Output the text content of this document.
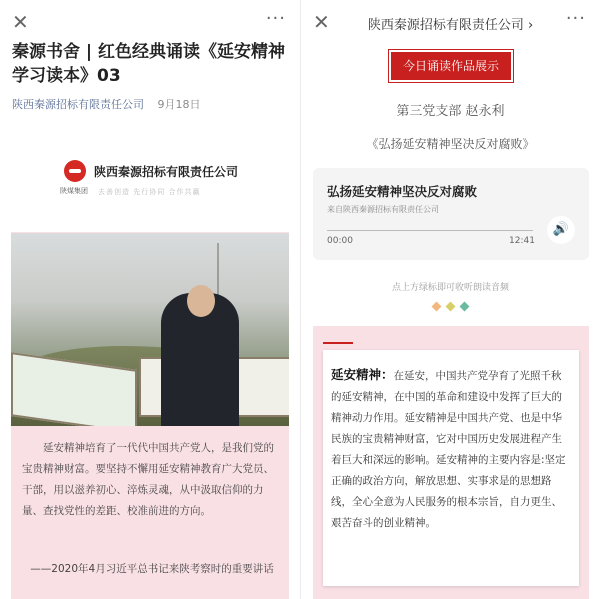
✕	···
秦源书舍 | 红色经典诵读《延安精神学习读本》03
陕西秦源招标有限责任公司 9月18日
陕煤集团
陕西秦源招标有限责任公司
去善创造 先行协同 合作共赢
延安精神培育了一代代中国共产党人，是我们党的宝贵精神财富。要坚持不懈用延安精神教育广大党员、干部，用以滋养初心、淬炼灵魂，从中汲取信仰的力量、查找党性的差距、校准前进的方向。
——2020年4月习近平总书记来陕考察时的重要讲话
✕	陕西秦源招标有限责任公司 ›	···
今日诵读作品展示
第三党支部 赵永利
《弘扬延安精神坚决反对腐败》
弘扬延安精神坚决反对腐败
来自陕西秦源招标有限责任公司
00:00	12:41
🔊
点上方绿标即可收听朗读音频

延安精神：在延安，中国共产党孕育了光照千秋的延安精神，在中国的革命和建设中发挥了巨大的精神动力作用。延安精神是中国共产党、也是中华民族的宝贵精神财富，它对中国历史发展进程产生着巨大和深远的影响。延安精神的主要内容是:坚定正确的政治方向，解放思想、实事求是的思想路线，全心全意为人民服务的根本宗旨，自力更生、艰苦奋斗的创业精神。
